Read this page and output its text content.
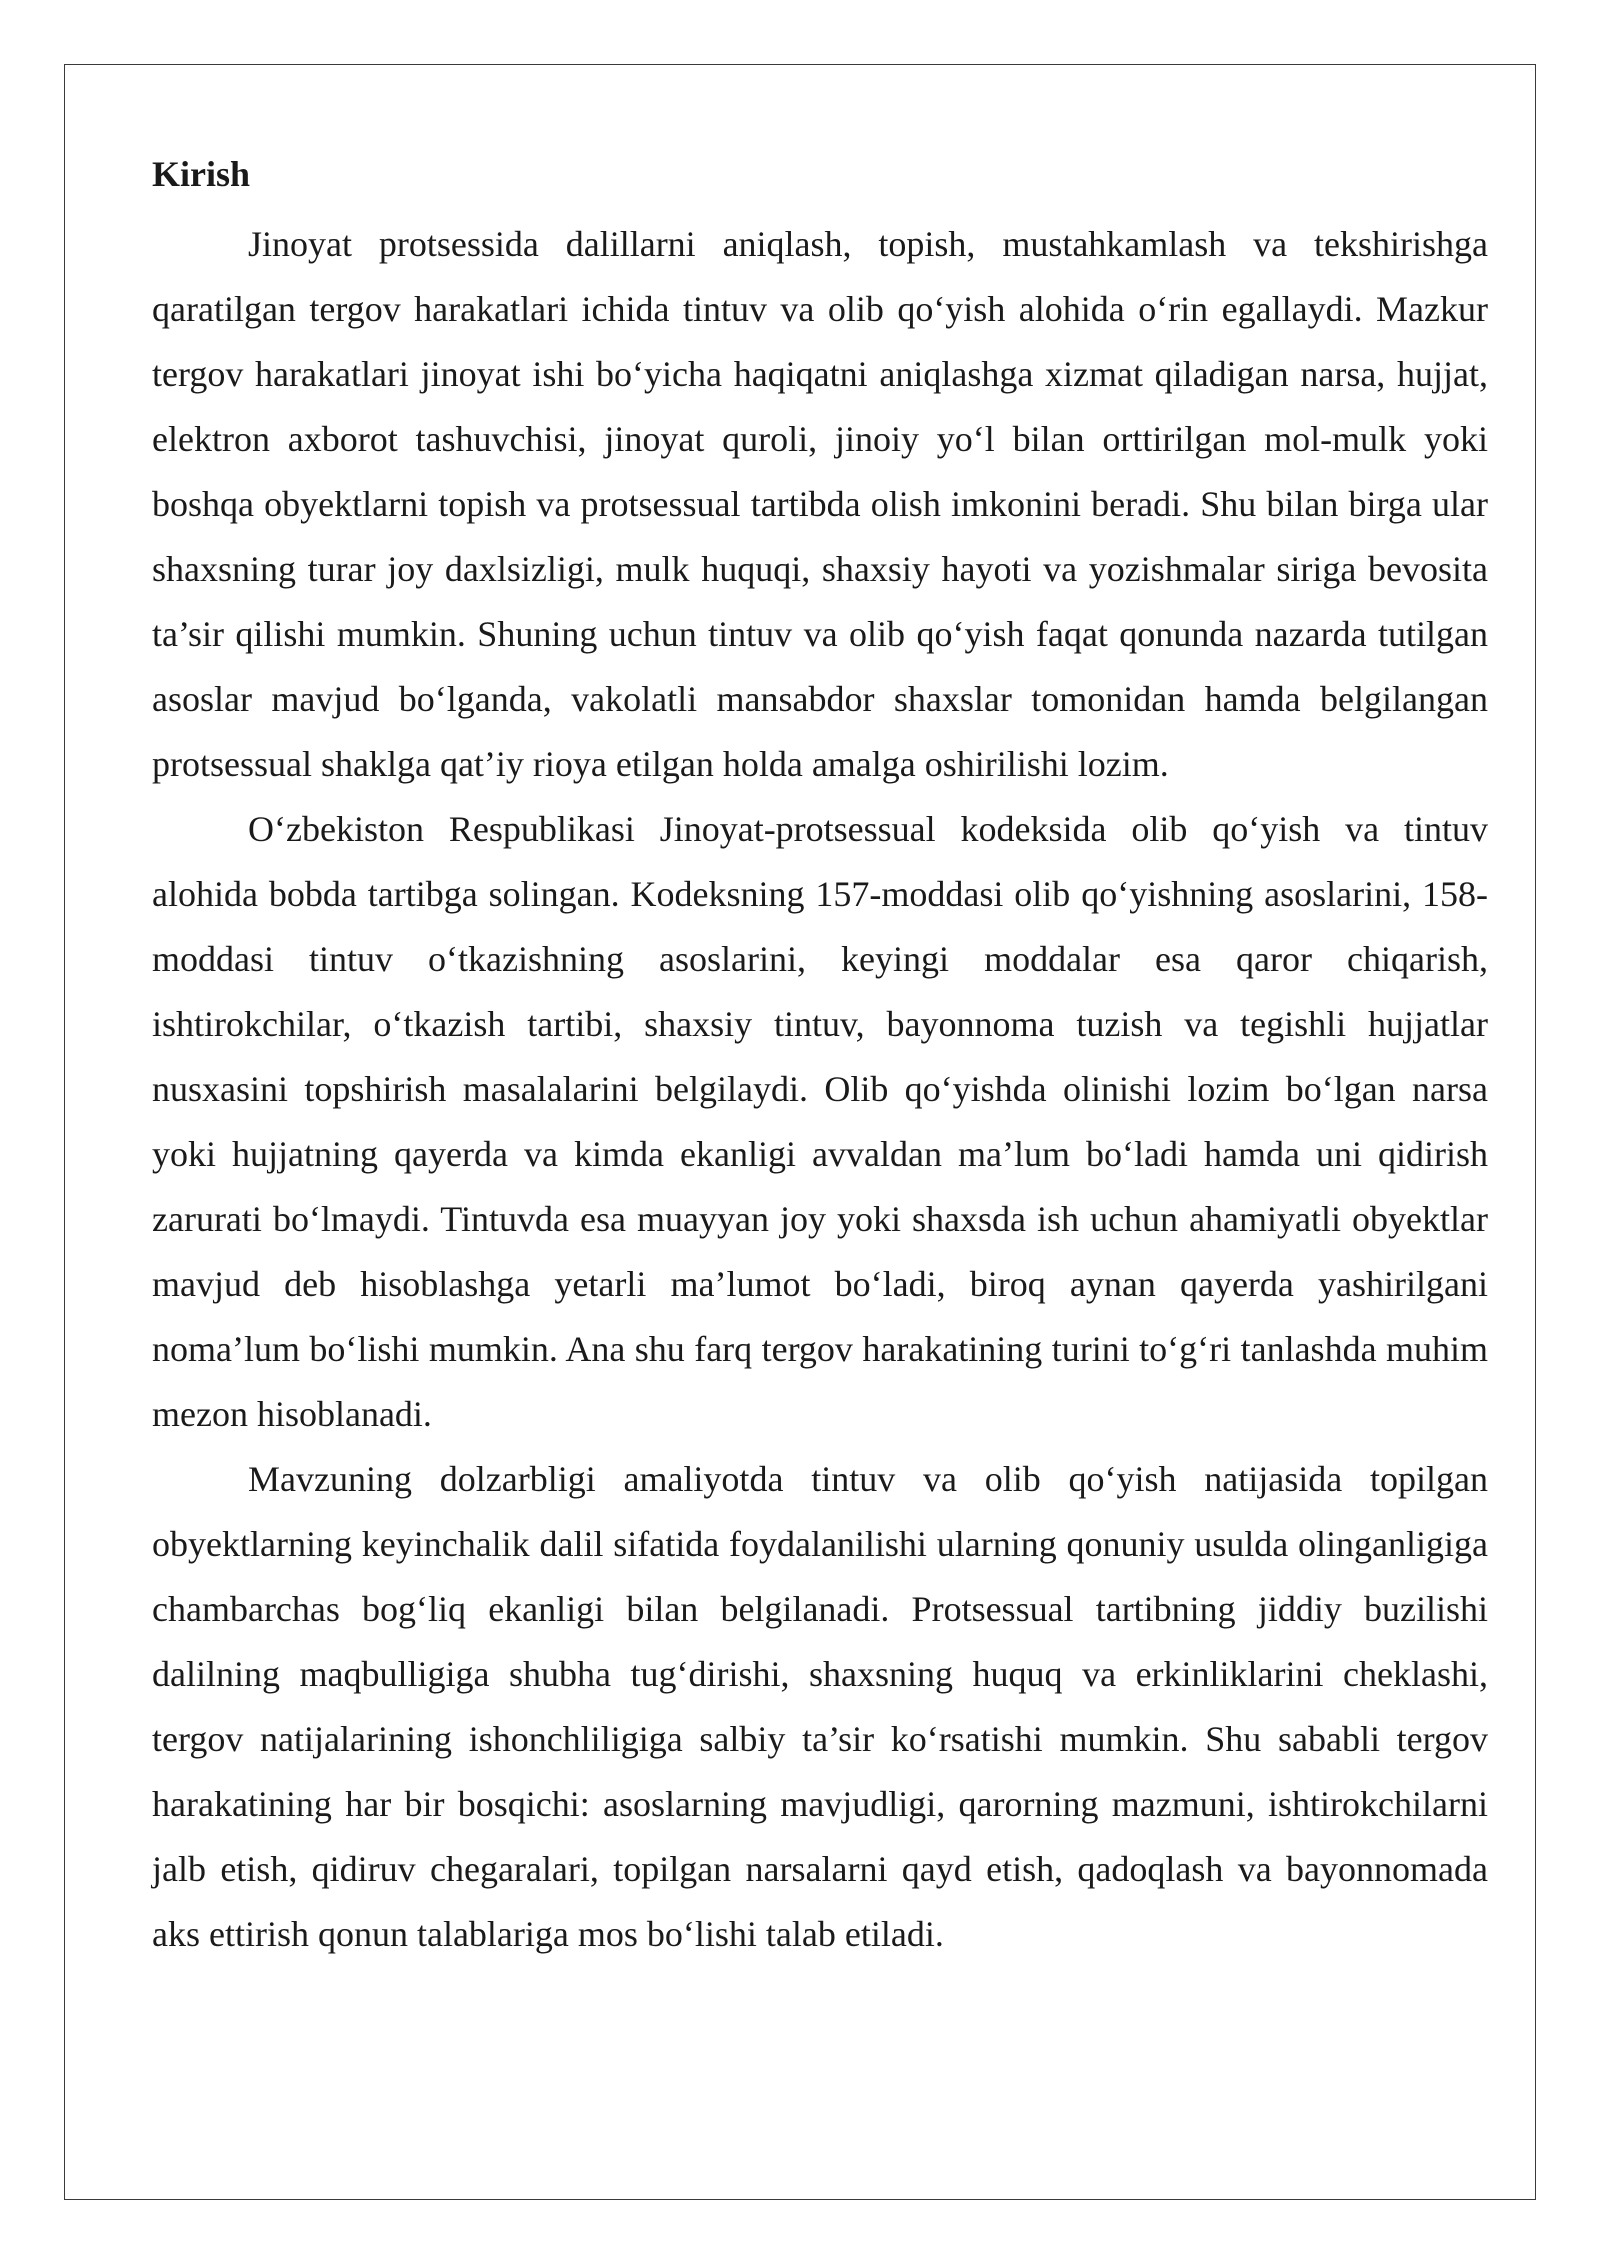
Kirish

Jinoyat protsessida dalillarni aniqlash, topish, mustahkamlash va tekshirishga qaratilgan tergov harakatlari ichida tintuv va olib qo‘yish alohida o‘rin egallaydi. Mazkur tergov harakatlari jinoyat ishi bo‘yicha haqiqatni aniqlashga xizmat qiladigan narsa, hujjat, elektron axborot tashuvchisi, jinoyat quroli, jinoiy yo‘l bilan orttirilgan mol-mulk yoki boshqa obyektlarni topish va protsessual tartibda olish imkonini beradi. Shu bilan birga ular shaxsning turar joy daxlsizligi, mulk huquqi, shaxsiy hayoti va yozishmalar siriga bevosita ta’sir qilishi mumkin. Shuning uchun tintuv va olib qo‘yish faqat qonunda nazarda tutilgan asoslar mavjud bo‘lganda, vakolatli mansabdor shaxslar tomonidan hamda belgilangan protsessual shaklga qat’iy rioya etilgan holda amalga oshirilishi lozim.

O‘zbekiston Respublikasi Jinoyat-protsessual kodeksida olib qo‘yish va tintuv alohida bobda tartibga solingan. Kodeksning 157-moddasi olib qo‘yishning asoslarini, 158-moddasi tintuv o‘tkazishning asoslarini, keyingi moddalar esa qaror chiqarish, ishtirokchilar, o‘tkazish tartibi, shaxsiy tintuv, bayonnoma tuzish va tegishli hujjatlar nusxasini topshirish masalalarini belgilaydi. Olib qo‘yishda olinishi lozim bo‘lgan narsa yoki hujjatning qayerda va kimda ekanligi avvaldan ma’lum bo‘ladi hamda uni qidirish zarurati bo‘lmaydi. Tintuvda esa muayyan joy yoki shaxsda ish uchun ahamiyatli obyektlar mavjud deb hisoblashga yetarli ma’lumot bo‘ladi, biroq aynan qayerda yashirilgani noma’lum bo‘lishi mumkin. Ana shu farq tergov harakatining turini to‘g‘ri tanlashda muhim mezon hisoblanadi.

Mavzuning dolzarbligi amaliyotda tintuv va olib qo‘yish natijasida topilgan obyektlarning keyinchalik dalil sifatida foydalanilishi ularning qonuniy usulda olinganligiga chambarchas bog‘liq ekanligi bilan belgilanadi. Protsessual tartibning jiddiy buzilishi dalilning maqbulligiga shubha tug‘dirishi, shaxsning huquq va erkinliklarini cheklashi, tergov natijalarining ishonchliligiga salbiy ta’sir ko‘rsatishi mumkin. Shu sababli tergov harakatining har bir bosqichi: asoslarning mavjudligi, qarorning mazmuni, ishtirokchilarni jalb etish, qidiruv chegaralari, topilgan narsalarni qayd etish, qadoqlash va bayonnomada aks ettirish qonun talablariga mos bo‘lishi talab etiladi.
